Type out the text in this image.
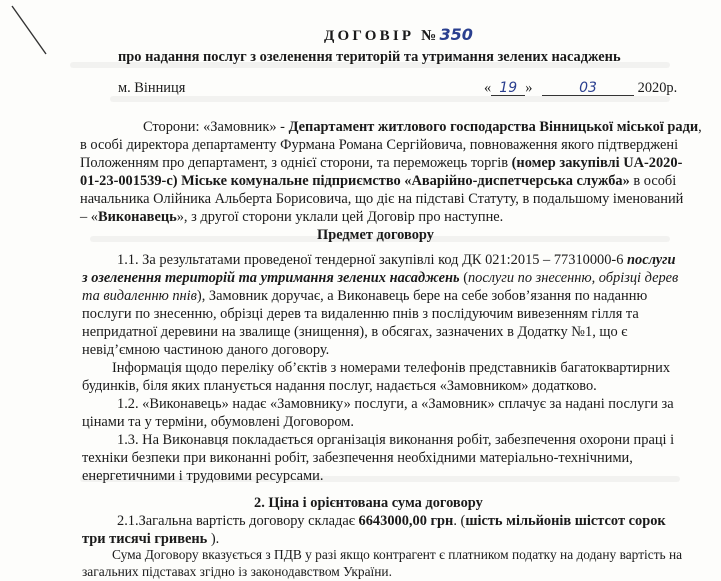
ДОГОВІР №350
про надання послуг з озеленення територій та утримання зелених насаджень
м. Вінниця	« 19 »	03	2020р.
Сторони: «Замовник» - Департамент житлового господарства Вінницької міської ради,
в особі директора департаменту Фурмана Романа Сергійовича, повноваження якого підтверджені
Положенням про департамент, з однієї сторони, та переможець торгів (номер закупівлі UA-2020-
01-23-001539-с) Міське комунальне підприємство «Аварійно-диспетчерська служба» в особі
начальника Олійника Альберта Борисовича, що діє на підставі Статуту, в подальшому іменований
– «Виконавець», з другої сторони уклали цей Договір про наступне.
Предмет договору
1.1. За результатами проведеної тендерної закупівлі код ДК 021:2015 – 77310000-6 послуги
з озеленення територій та утримання зелених насаджень (послуги по знесенню, обрізці дерев
та видаленню пнів), Замовник доручає, а Виконавець бере на себе зобов’язання по наданню
послуги по знесенню, обрізці дерев та видаленню пнів з послідуючим вивезенням гілля та
непридатної деревини на звалище (знищення), в обсягах, зазначених в Додатку №1, що є
невід’ємною частиною даного договору.
Інформація щодо переліку об’єктів з номерами телефонів представників багатоквартирних
будинків, біля яких планується надання послуг, надається «Замовником» додатково.
1.2. «Виконавець» надає «Замовнику» послуги, а «Замовник» сплачує за надані послуги за
цінами та у терміни, обумовлені Договором.
1.3. На Виконавця покладається організація виконання робіт, забезпечення охорони праці і
техніки безпеки при виконанні робіт, забезпечення необхідними матеріально-технічними,
енергетичними і трудовими ресурсами.
2. Ціна і орієнтована сума договору
2.1.Загальна вартість договору складає 6643000,00 грн. (шість мільйонів шістсот сорок
три тисячі гривень ).
Сума Договору вказується з ПДВ у разі якщо контрагент є платником податку на додану вартість на
загальних підставах згідно із законодавством України.
